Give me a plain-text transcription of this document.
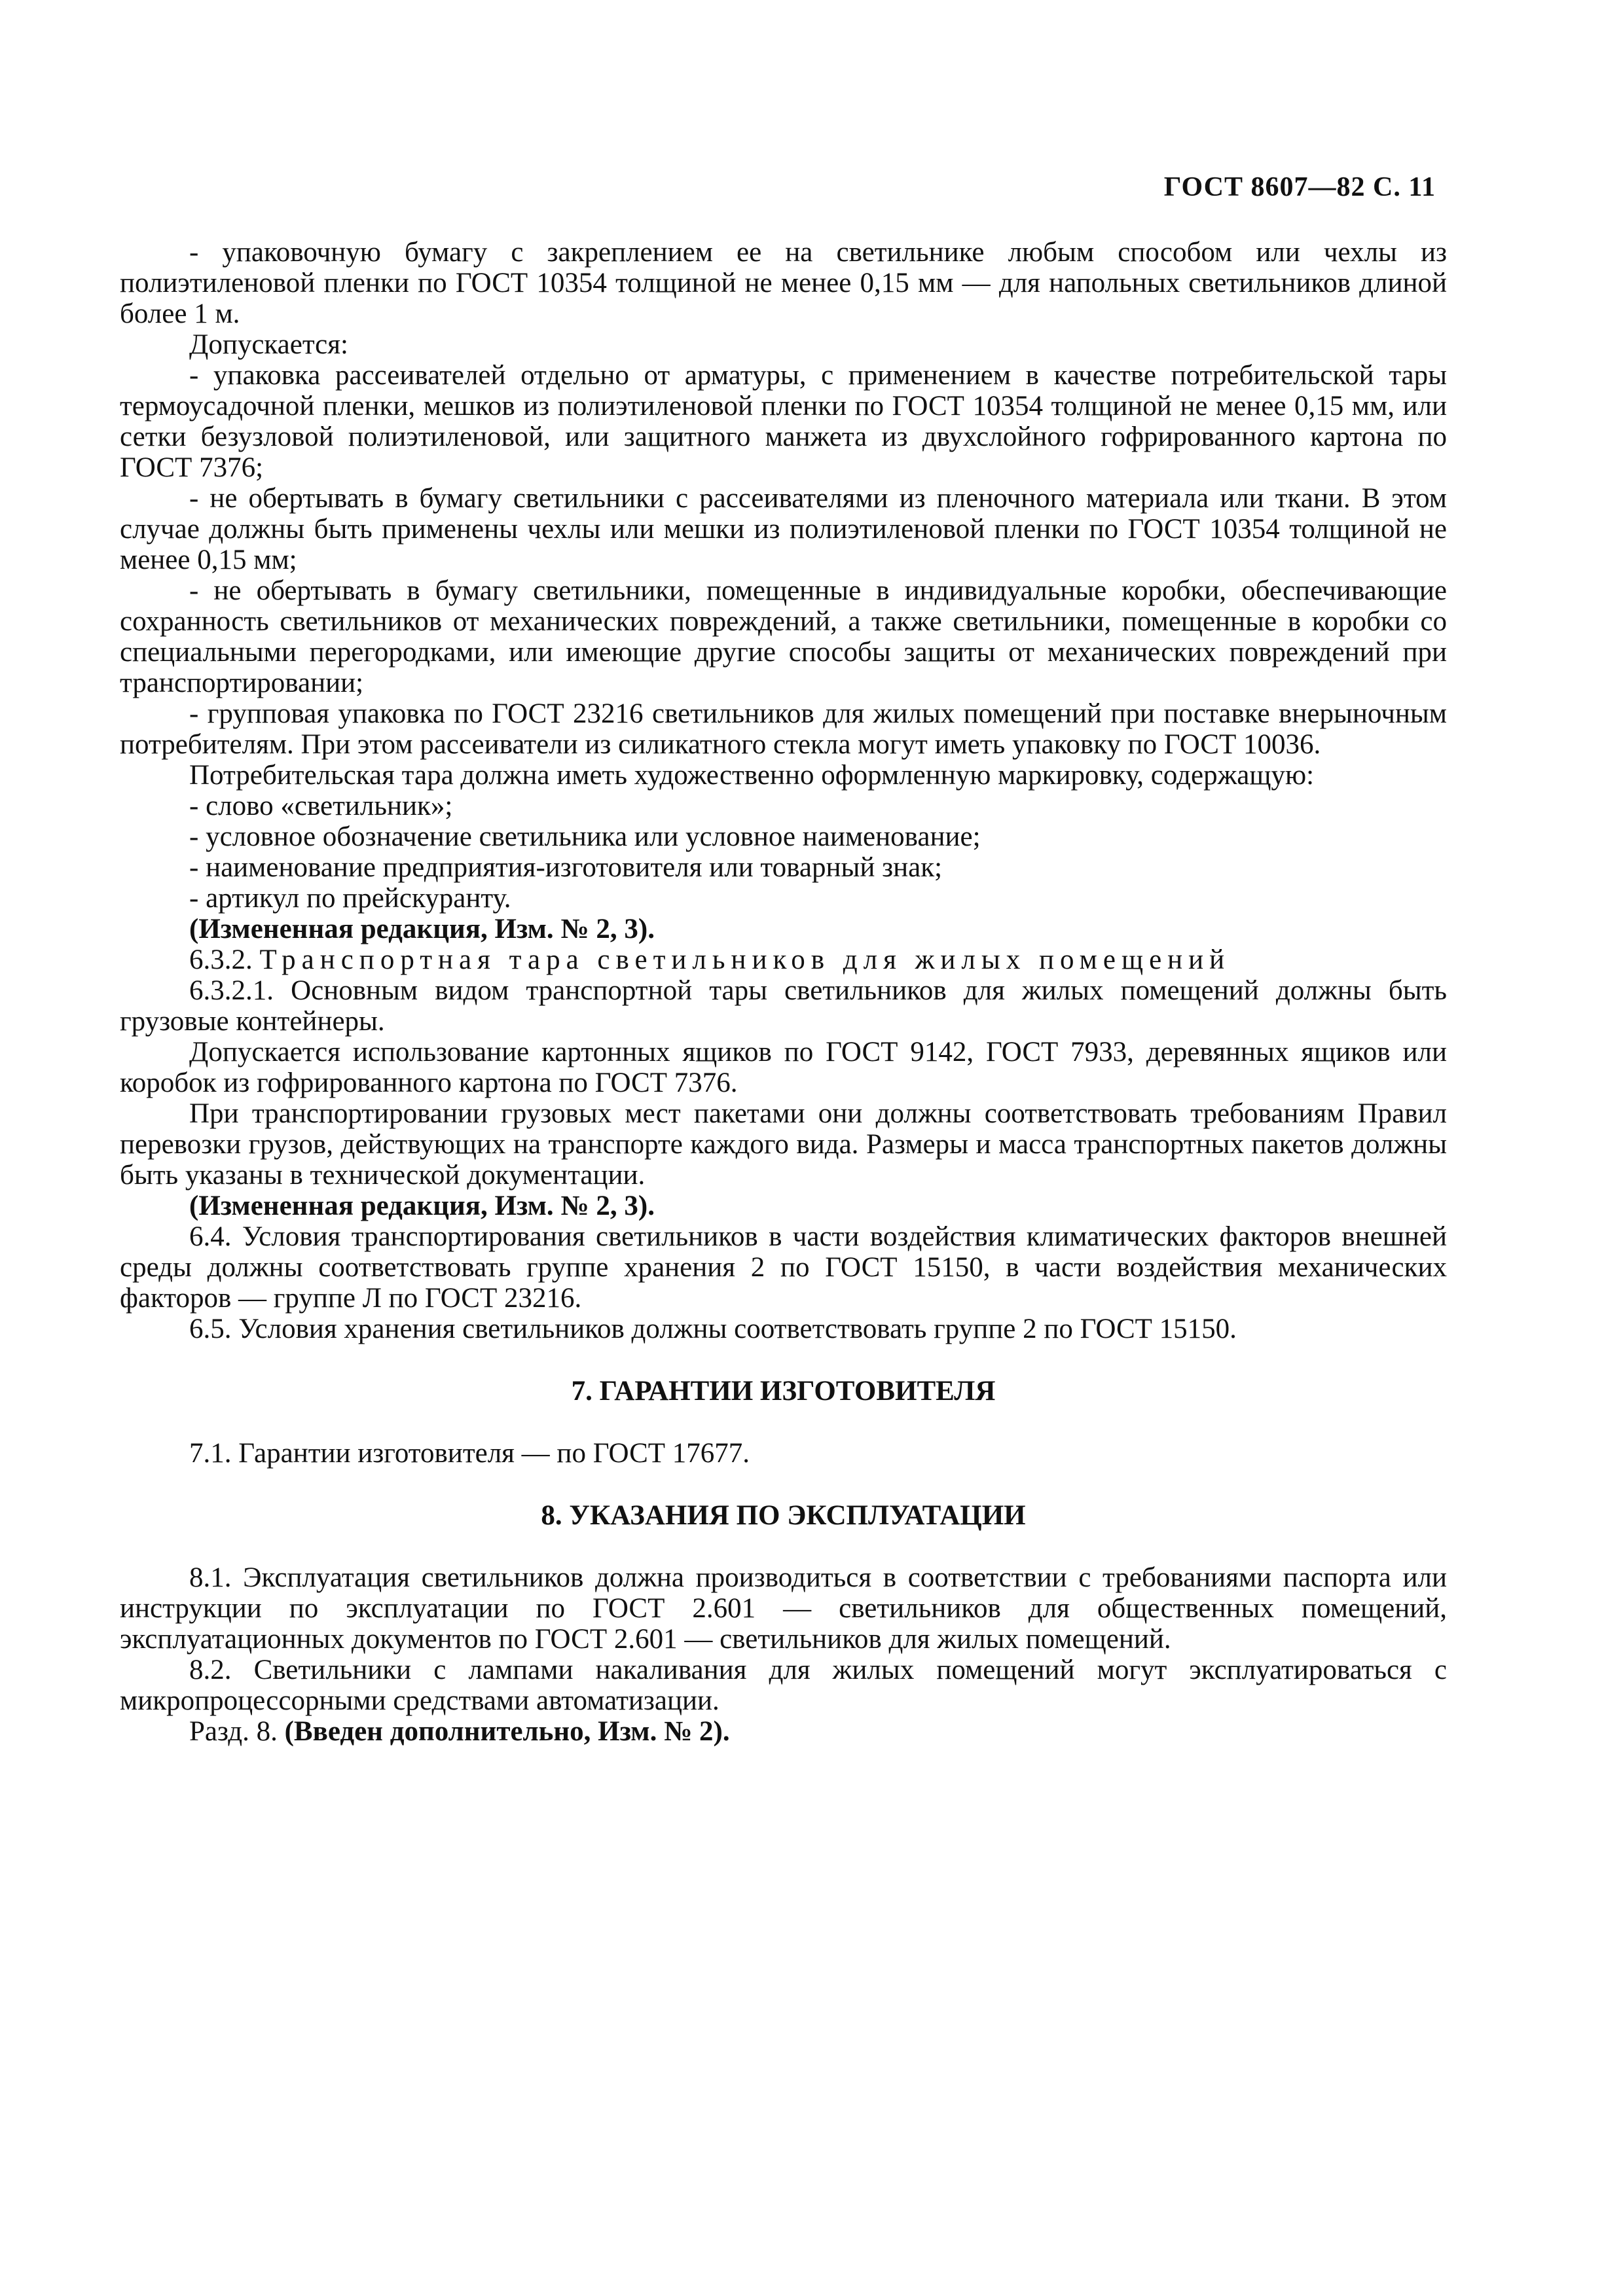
ГОСТ 8607—82 С. 11

- упаковочную бумагу с закреплением ее на светильнике любым способом или чехлы из полиэтиленовой пленки по ГОСТ 10354 толщиной не менее 0,15 мм — для напольных светильников длиной более 1 м.

Допускается:

- упаковка рассеивателей отдельно от арматуры, с применением в качестве потребительской тары термоусадочной пленки, мешков из полиэтиленовой пленки по ГОСТ 10354 толщиной не менее 0,15 мм, или сетки безузловой полиэтиленовой, или защитного манжета из двухслойного гофрированного картона по ГОСТ 7376;

- не обертывать в бумагу светильники с рассеивателями из пленочного материала или ткани. В этом случае должны быть применены чехлы или мешки из полиэтиленовой пленки по ГОСТ 10354 толщиной не менее 0,15 мм;

- не обертывать в бумагу светильники, помещенные в индивидуальные коробки, обеспечивающие сохранность светильников от механических повреждений, а также светильники, помещенные в коробки со специальными перегородками, или имеющие другие способы защиты от механических повреждений при транспортировании;

- групповая упаковка по ГОСТ 23216 светильников для жилых помещений при поставке внерыночным потребителям. При этом рассеиватели из силикатного стекла могут иметь упаковку по ГОСТ 10036.

Потребительская тара должна иметь художественно оформленную маркировку, содержащую:

- слово «светильник»;

- условное обозначение светильника или условное наименование;

- наименование предприятия-изготовителя или товарный знак;

- артикул по прейскуранту.

(Измененная редакция, Изм. № 2, 3).

6.3.2. Транспортная тара светильников для жилых помещений

6.3.2.1. Основным видом транспортной тары светильников для жилых помещений должны быть грузовые контейнеры.

Допускается использование картонных ящиков по ГОСТ 9142, ГОСТ 7933, деревянных ящиков или коробок из гофрированного картона по ГОСТ 7376.

При транспортировании грузовых мест пакетами они должны соответствовать требованиям Правил перевозки грузов, действующих на транспорте каждого вида. Размеры и масса транспортных пакетов должны быть указаны в технической документации.

(Измененная редакция, Изм. № 2, 3).

6.4. Условия транспортирования светильников в части воздействия климатических факторов внешней среды должны соответствовать группе хранения 2 по ГОСТ 15150, в части воздействия механических факторов — группе Л по ГОСТ 23216.

6.5. Условия хранения светильников должны соответствовать группе 2 по ГОСТ 15150.

7. ГАРАНТИИ ИЗГОТОВИТЕЛЯ

7.1. Гарантии изготовителя — по ГОСТ 17677.

8. УКАЗАНИЯ ПО ЭКСПЛУАТАЦИИ

8.1. Эксплуатация светильников должна производиться в соответствии с требованиями паспорта или инструкции по эксплуатации по ГОСТ 2.601 — светильников для общественных помещений, эксплуатационных документов по ГОСТ 2.601 — светильников для жилых помещений.

8.2. Светильники с лампами накаливания для жилых помещений могут эксплуатироваться с микропроцессорными средствами автоматизации.

Разд. 8. (Введен дополнительно, Изм. № 2).
